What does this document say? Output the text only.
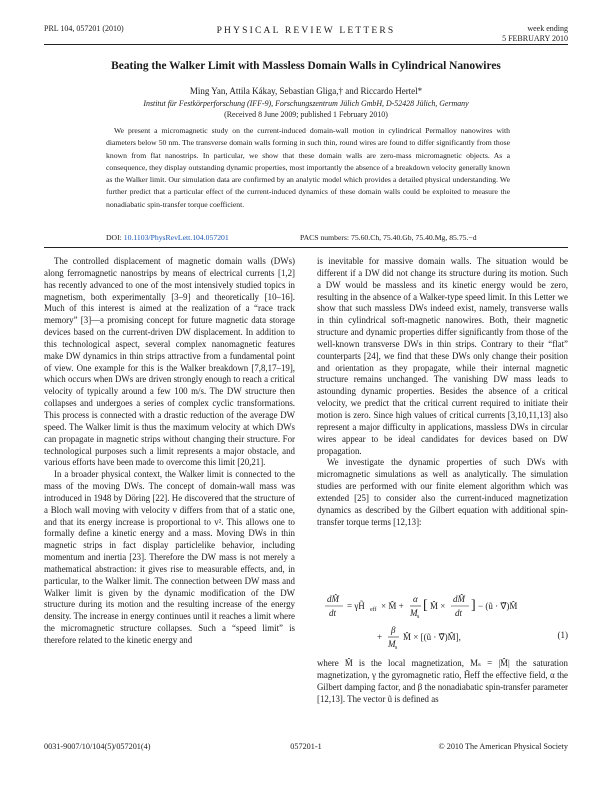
PRL 104, 057201 (2010)	PHYSICAL REVIEW LETTERS	week ending
5 FEBRUARY 2010
Beating the Walker Limit with Massless Domain Walls in Cylindrical Nanowires
Ming Yan, Attila Kákay, Sebastian Gliga,† and Riccardo Hertel*
Institut für Festkörperforschung (IFF-9), Forschungszentrum Jülich GmbH, D-52428 Jülich, Germany
(Received 8 June 2009; published 1 February 2010)
We present a micromagnetic study on the current-induced domain-wall motion in cylindrical Permalloy nanowires with diameters below 50 nm. The transverse domain walls forming in such thin, round wires are found to differ significantly from those known from flat nanostrips. In particular, we show that these domain walls are zero-mass micromagnetic objects. As a consequence, they display outstanding dynamic properties, most importantly the absence of a breakdown velocity generally known as the Walker limit. Our simulation data are confirmed by an analytic model which provides a detailed physical understanding. We further predict that a particular effect of the current-induced dynamics of these domain walls could be exploited to measure the nonadiabatic spin-transfer torque coefficient.
DOI: 10.1103/PhysRevLett.104.057201	PACS numbers: 75.60.Ch, 75.40.Gb, 75.40.Mg, 85.75.−d

The controlled displacement of magnetic domain walls (DWs) along ferromagnetic nanostrips by means of electrical currents [1,2] has recently advanced to one of the most intensively studied topics in magnetism, both experimentally [3–9] and theoretically [10–16]. Much of this interest is aimed at the realization of a “race track memory” [3]—a promising concept for future magnetic data storage devices based on the current-driven DW displacement. In addition to this technological aspect, several complex nanomagnetic features make DW dynamics in thin strips attractive from a fundamental point of view. One example for this is the Walker breakdown [7,8,17–19], which occurs when DWs are driven strongly enough to reach a critical velocity of typically around a few 100 m/s. The DW structure then collapses and undergoes a series of complex cyclic transformations. This process is connected with a drastic reduction of the average DW speed. The Walker limit is thus the maximum velocity at which DWs can propagate in magnetic strips without changing their structure. For technological purposes such a limit represents a major obstacle, and various efforts have been made to overcome this limit [20,21].

In a broader physical context, the Walker limit is connected to the mass of the moving DWs. The concept of domain-wall mass was introduced in 1948 by Döring [22]. He discovered that the structure of a Bloch wall moving with velocity v differs from that of a static one, and that its energy increase is proportional to v². This allows one to formally define a kinetic energy and a mass. Moving DWs in thin magnetic strips in fact display particlelike behavior, including momentum and inertia [23]. Therefore the DW mass is not merely a mathematical abstraction: it gives rise to measurable effects, and, in particular, to the Walker limit. The connection between DW mass and Walker limit is given by the dynamic modification of the DW structure during its motion and the resulting increase of the energy density. The increase in energy continues until it reaches a limit where the micromagnetic structure collapses. Such a “speed limit” is therefore related to the kinetic energy and

is inevitable for massive domain walls. The situation would be different if a DW did not change its structure during its motion. Such a DW would be massless and its kinetic energy would be zero, resulting in the absence of a Walker-type speed limit. In this Letter we show that such massless DWs indeed exist, namely, transverse walls in thin cylindrical soft-magnetic nanowires. Both, their magnetic structure and dynamic properties differ significantly from those of the well-known transverse DWs in thin strips. Contrary to their “flat” counterparts [24], we find that these DWs only change their position and orientation as they propagate, while their internal magnetic structure remains unchanged. The vanishing DW mass leads to astounding dynamic properties. Besides the absence of a critical velocity, we predict that the critical current required to initiate their motion is zero. Since high values of critical currents [3,10,11,13] also represent a major difficulty in applications, massless DWs in circular wires appear to be ideal candidates for devices based on DW propagation.

We investigate the dynamic properties of such DWs with micromagnetic simulations as well as analytically. The simulation studies are performed with our finite element algorithm which was extended [25] to consider also the current-induced magnetization dynamics as described by the Gilbert equation with additional spin-transfer torque terms [12,13]:

dM̂
dt
= γH̃ eff × M̂ +
α
M s
[ M̂ ×
dM̂
dt ] − (ũ · ∇̃)M̂
+
β
M s
M̂ × [(ũ · ∇̃)M̂],	(1)

where M̂ is the local magnetization, Mₛ = |M̂| the saturation magnetization, γ the gyromagnetic ratio, H̃eff the effective field, α the Gilbert damping factor, and β the nonadiabatic spin-transfer parameter [12,13]. The vector ũ is defined as

0031-9007/10/104(5)/057201(4)	057201-1	© 2010 The American Physical Society
